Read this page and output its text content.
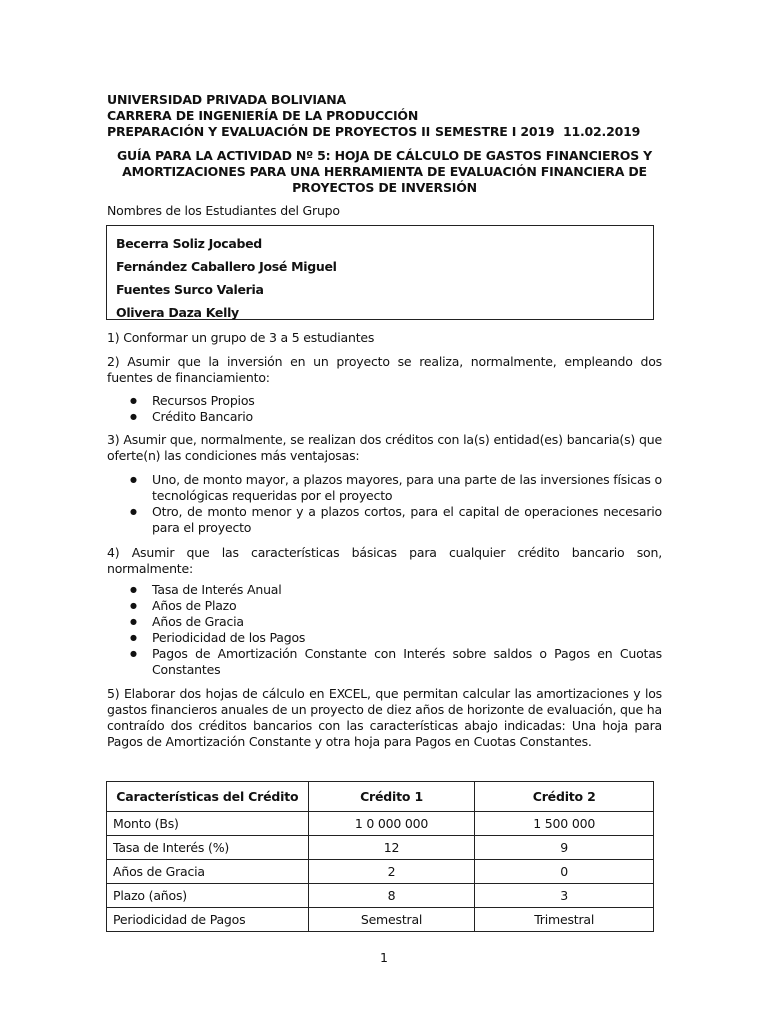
UNIVERSIDAD PRIVADA BOLIVIANA
CARRERA DE INGENIERÍA DE LA PRODUCCIÓN
PREPARACIÓN Y EVALUACIÓN DE PROYECTOS II SEMESTRE I 2019 11.02.2019
GUÍA PARA LA ACTIVIDAD Nº 5: HOJA DE CÁLCULO DE GASTOS FINANCIEROS Y AMORTIZACIONES PARA UNA HERRAMIENTA DE EVALUACIÓN FINANCIERA DE PROYECTOS DE INVERSIÓN
Nombres de los Estudiantes del Grupo
Becerra Soliz Jocabed
Fernández Caballero José Miguel
Fuentes Surco Valeria
Olivera Daza Kelly
1) Conformar un grupo de 3 a 5 estudiantes
2) Asumir que la inversión en un proyecto se realiza, normalmente, empleando dos fuentes de financiamiento:
● Recursos Propios
● Crédito Bancario
3) Asumir que, normalmente, se realizan dos créditos con la(s) entidad(es) bancaria(s) que oferte(n) las condiciones más ventajosas:
● Uno, de monto mayor, a plazos mayores, para una parte de las inversiones físicas o tecnológicas requeridas por el proyecto
● Otro, de monto menor y a plazos cortos, para el capital de operaciones necesario para el proyecto
4) Asumir que las características básicas para cualquier crédito bancario son, normalmente:
● Tasa de Interés Anual
● Años de Plazo
● Años de Gracia
● Periodicidad de los Pagos
● Pagos de Amortización Constante con Interés sobre saldos o Pagos en Cuotas Constantes
5) Elaborar dos hojas de cálculo en EXCEL, que permitan calcular las amortizaciones y los gastos financieros anuales de un proyecto de diez años de horizonte de evaluación, que ha contraído dos créditos bancarios con las características abajo indicadas: Una hoja para Pagos de Amortización Constante y otra hoja para Pagos en Cuotas Constantes.
Características del Crédito	Crédito 1	Crédito 2
Monto (Bs)	1 0 000 000	1 500 000
Tasa de Interés (%)	12	9
Años de Gracia	2	0
Plazo (años)	8	3
Periodicidad de Pagos	Semestral	Trimestral
1
